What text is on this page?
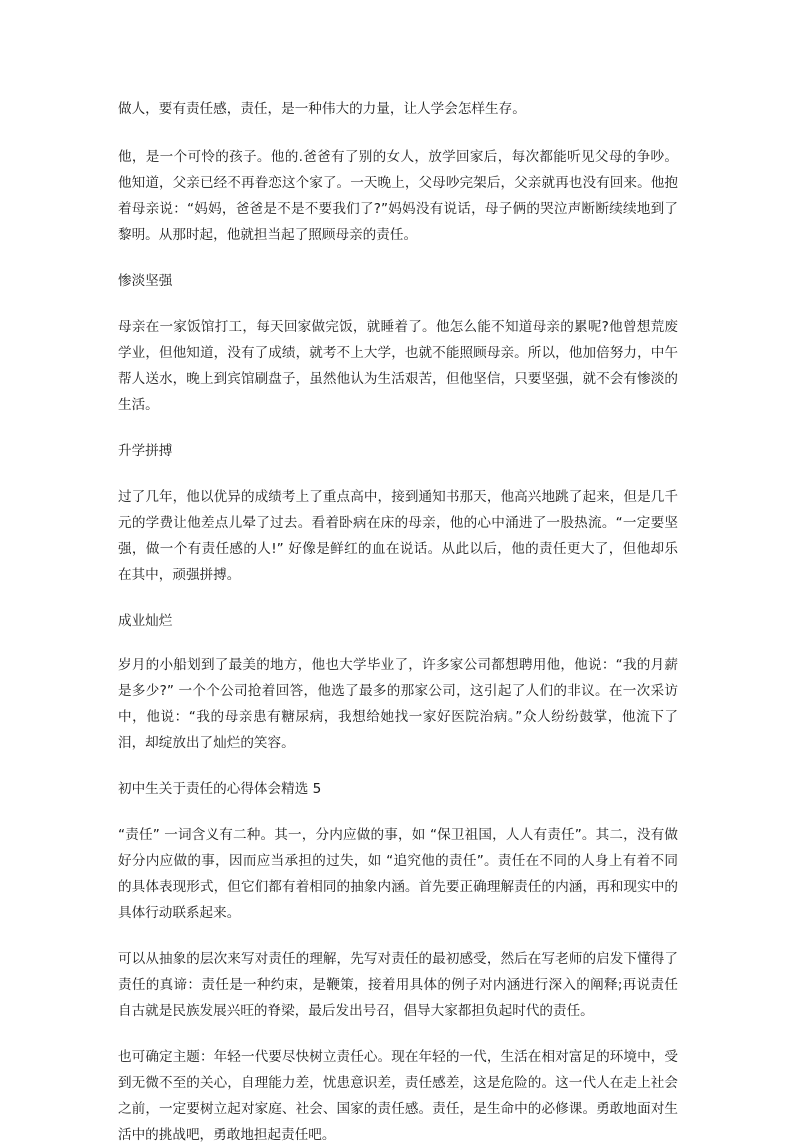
做人，要有责任感，责任，是一种伟大的力量，让人学会怎样生存。

他，是一个可怜的孩子。他的.爸爸有了别的女人，放学回家后，每次都能听见父母的争吵。他知道，父亲已经不再眷恋这个家了。一天晚上，父母吵完架后，父亲就再也没有回来。他抱着母亲说：“妈妈，爸爸是不是不要我们了?”妈妈没有说话，母子俩的哭泣声断断续续地到了黎明。从那时起，他就担当起了照顾母亲的责任。

惨淡坚强

母亲在一家饭馆打工，每天回家做完饭，就睡着了。他怎么能不知道母亲的累呢?他曾想荒废学业，但他知道，没有了成绩，就考不上大学，也就不能照顾母亲。所以，他加倍努力，中午帮人送水，晚上到宾馆刷盘子，虽然他认为生活艰苦，但他坚信，只要坚强，就不会有惨淡的生活。

升学拼搏

过了几年，他以优异的成绩考上了重点高中，接到通知书那天，他高兴地跳了起来，但是几千元的学费让他差点儿晕了过去。看着卧病在床的母亲，他的心中涌进了一股热流。“一定要坚强，做一个有责任感的人!” 好像是鲜红的血在说话。从此以后，他的责任更大了，但他却乐在其中，顽强拼搏。

成业灿烂

岁月的小船划到了最美的地方，他也大学毕业了，许多家公司都想聘用他，他说：“我的月薪是多少?” 一个个公司抢着回答，他选了最多的那家公司，这引起了人们的非议。在一次采访中，他说：“我的母亲患有糖尿病，我想给她找一家好医院治病。”众人纷纷鼓掌，他流下了泪，却绽放出了灿烂的笑容。

初中生关于责任的心得体会精选 5

“责任” 一词含义有二种。其一，分内应做的事，如 “保卫祖国，人人有责任”。其二，没有做好分内应做的事，因而应当承担的过失，如 “追究他的责任”。责任在不同的人身上有着不同的具体表现形式，但它们都有着相同的抽象内涵。首先要正确理解责任的内涵，再和现实中的具体行动联系起来。

可以从抽象的层次来写对责任的理解，先写对责任的最初感受，然后在写老师的启发下懂得了责任的真谛：责任是一种约束，是鞭策，接着用具体的例子对内涵进行深入的阐释;再说责任自古就是民族发展兴旺的脊梁，最后发出号召，倡导大家都担负起时代的责任。

也可确定主题：年轻一代要尽快树立责任心。现在年轻的一代，生活在相对富足的环境中，受到无微不至的关心，自理能力差，忧患意识差，责任感差，这是危险的。这一代人在走上社会之前，一定要树立起对家庭、社会、国家的责任感。责任，是生命中的必修课。勇敢地面对生活中的挑战吧，勇敢地担起责任吧。
